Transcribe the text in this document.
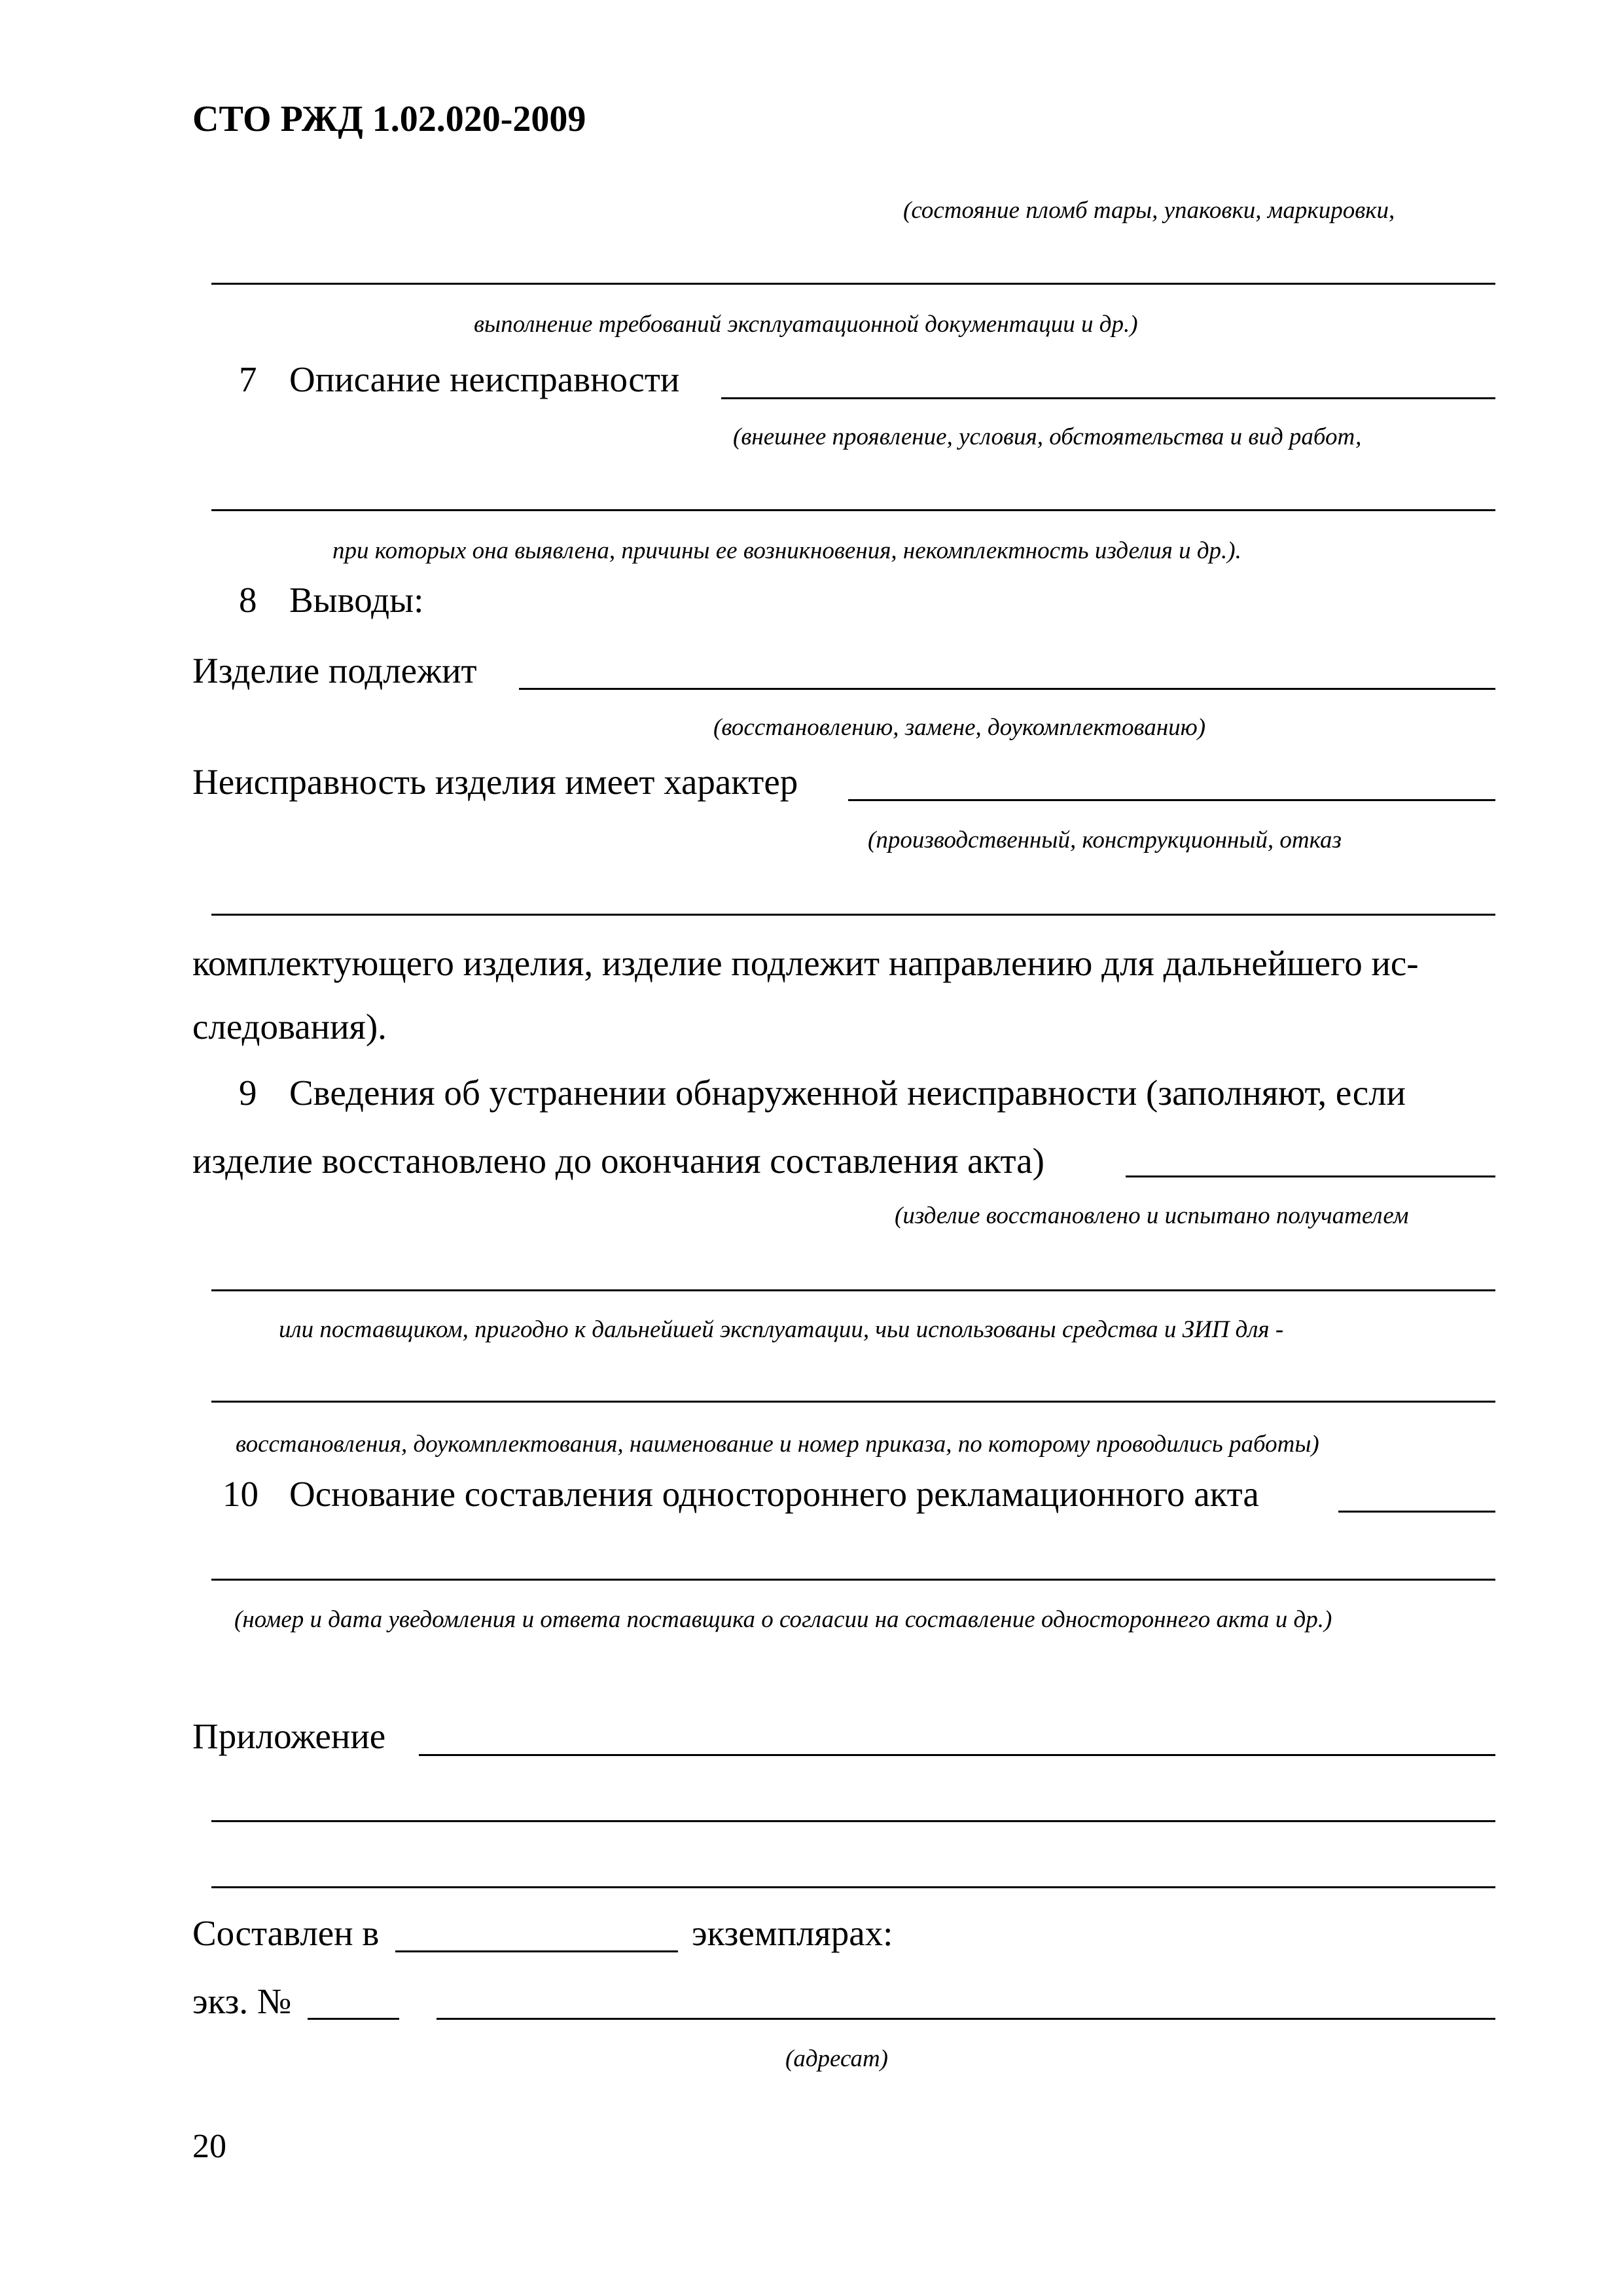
СТО РЖД 1.02.020-2009
(состояние пломб тары, упаковки, маркировки,
выполнение требований эксплуатационной документации и др.)
7 Описание неисправности
(внешнее проявление, условия, обстоятельства и вид работ,
при которых она выявлена, причины ее возникновения, некомплектность изделия и др.).
8 Выводы:
Изделие подлежит
(восстановлению, замене, доукомплектованию)
Неисправность изделия имеет характер
(производственный, конструкционный, отказ
комплектующего изделия, изделие подлежит направлению для дальнейшего ис-
следования).
9 Сведения об устранении обнаруженной неисправности (заполняют, если
изделие восстановлено до окончания составления акта)
(изделие восстановлено и испытано получателем
или поставщиком, пригодно к дальнейшей эксплуатации, чьи использованы средства и ЗИП для -
восстановления, доукомплектования, наименование и номер приказа, по которому проводились работы)
10 Основание составления одностороннего рекламационного акта
(номер и дата уведомления и ответа поставщика о согласии на составление одностороннего акта и др.)
Приложение
Составлен в	экземплярах:
экз. №
(адресат)
20
